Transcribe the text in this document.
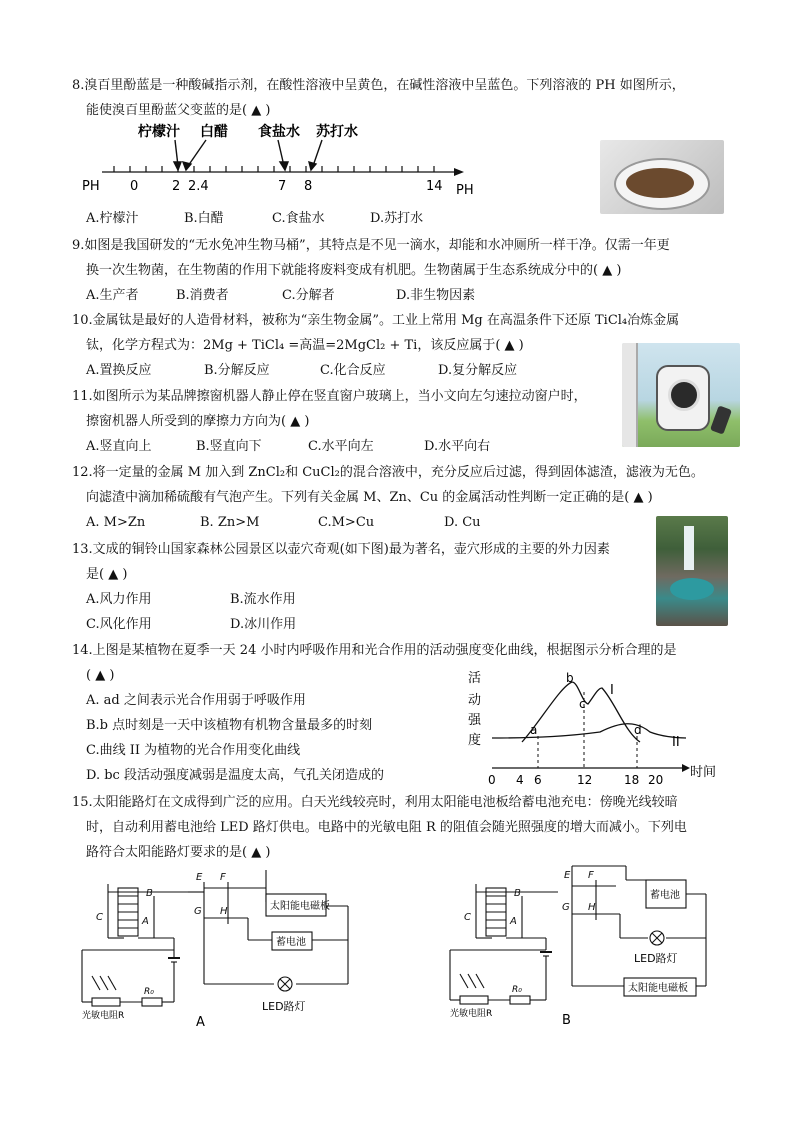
8.溴百里酚蓝是一种酸碱指示剂，在酸性溶液中呈黄色，在碱性溶液中呈蓝色。下列溶液的 PH 如图所示，
能使溴百里酚蓝父变蓝的是( ▲ )
PH	PH
0	2 2.4	7 8	14
柠檬汁 白醋 食盐水 苏打水
A.柠檬汁	B.白醋	C.食盐水	D.苏打水
9.如图是我国研发的“无水免冲生物马桶”，其特点是不见一滴水，却能和水冲厕所一样干净。仅需一年更
换一次生物菌，在生物菌的作用下就能将废料变成有机肥。生物菌属于生态系统成分中的( ▲ )
A.生产者	B.消费者	C.分解者	D.非生物因素
10.金属钛是最好的人造骨材料，被称为“亲生物金属”。工业上常用 Mg 在高温条件下还原 TiCl₄冶炼金属
钛，化学方程式为：2Mg + TiCl₄ =高温=2MgCl₂ + Ti，该反应属于( ▲ )
A.置换反应	B.分解反应	C.化合反应	D.复分解反应
11.如图所示为某品牌擦窗机器人静止停在竖直窗户玻璃上，当小文向左匀速拉动窗户时，
擦窗机器人所受到的摩擦力方向为( ▲ )
A.竖直向上	B.竖直向下	C.水平向左	D.水平向右
12.将一定量的金属 M 加入到 ZnCl₂和 CuCl₂的混合溶液中，充分反应后过滤，得到固体滤渣，滤液为无色。
向滤渣中滴加稀硫酸有气泡产生。下列有关金属 M、Zn、Cu 的金属活动性判断一定正确的是( ▲ )
A. M>Zn	B. Zn>M	C.M>Cu	D. Cu
13.文成的铜铃山国家森林公园景区以壶穴奇观(如下图)最为著名，壶穴形成的主要的外力因素
是( ▲ )
A.风力作用	B.流水作用
C.风化作用	D.冰川作用
14.上图是某植物在夏季一天 24 小时内呼吸作用和光合作用的活动强度变化曲线，根据图示分析合理的是
( ▲ )
A. ad 之间表示光合作用弱于呼吸作用
B.b 点时刻是一天中该植物有机物含量最多的时刻
C.曲线 II 为植物的光合作用变化曲线
D. bc 段活动强度减弱是温度太高，气孔关闭造成的
活
动
强
度
时间
a
b
c
d
I
II
0 4 6	12	18 20
15.太阳能路灯在文成得到广泛的应用。白天光线较亮时，利用太阳能电池板给蓄电池充电：傍晚光线较暗
时，自动利用蓄电池给 LED 路灯供电。电路中的光敏电阻 R 的阻值会随光照强度的增大而减小。下列电
路符合太阳能路灯要求的是( ▲ )
B
C	A
E F
G H	太阳能电磁板
蓄电池
LED路灯
光敏电阻R
R₀
A
B
C	A
E F
G H
蓄电池
LED路灯
太阳能电磁板
光敏电阻R
R₀
B
